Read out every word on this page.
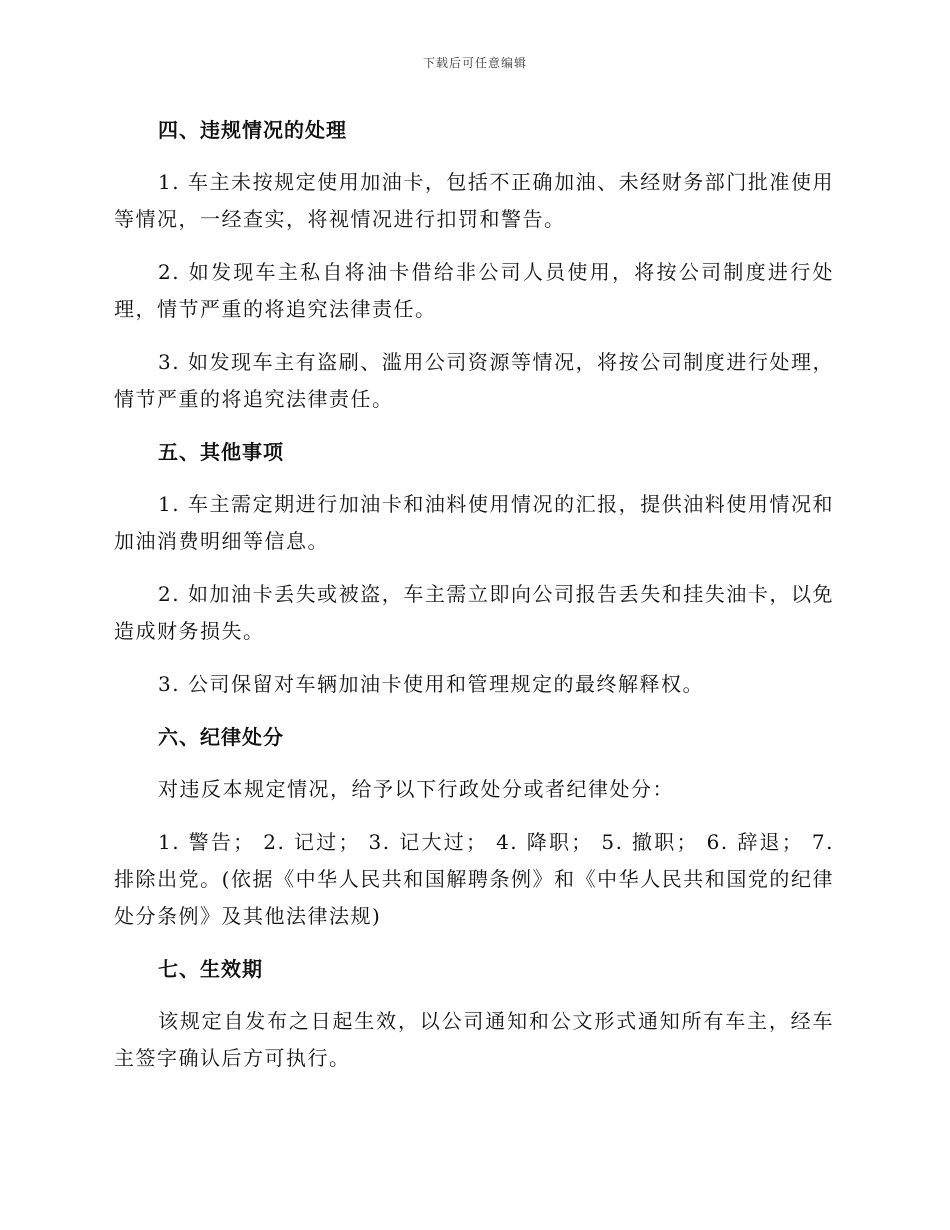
下载后可任意编辑
四、违规情况的处理

1. 车主未按规定使用加油卡，包括不正确加油、未经财务部门批准使用等情况，一经查实，将视情况进行扣罚和警告。

2. 如发现车主私自将油卡借给非公司人员使用，将按公司制度进行处理，情节严重的将追究法律责任。

3. 如发现车主有盗刷、滥用公司资源等情况，将按公司制度进行处理，情节严重的将追究法律责任。

五、其他事项

1. 车主需定期进行加油卡和油料使用情况的汇报，提供油料使用情况和加油消费明细等信息。

2. 如加油卡丢失或被盗，车主需立即向公司报告丢失和挂失油卡，以免造成财务损失。

3. 公司保留对车辆加油卡使用和管理规定的最终解释权。

六、纪律处分

对违反本规定情况，给予以下行政处分或者纪律处分：

1. 警告； 2. 记过； 3. 记大过； 4. 降职； 5. 撤职； 6. 辞退； 7. 排除出党。(依据《中华人民共和国解聘条例》和《中华人民共和国党的纪律处分条例》及其他法律法规)

七、生效期

该规定自发布之日起生效，以公司通知和公文形式通知所有车主，经车主签字确认后方可执行。
